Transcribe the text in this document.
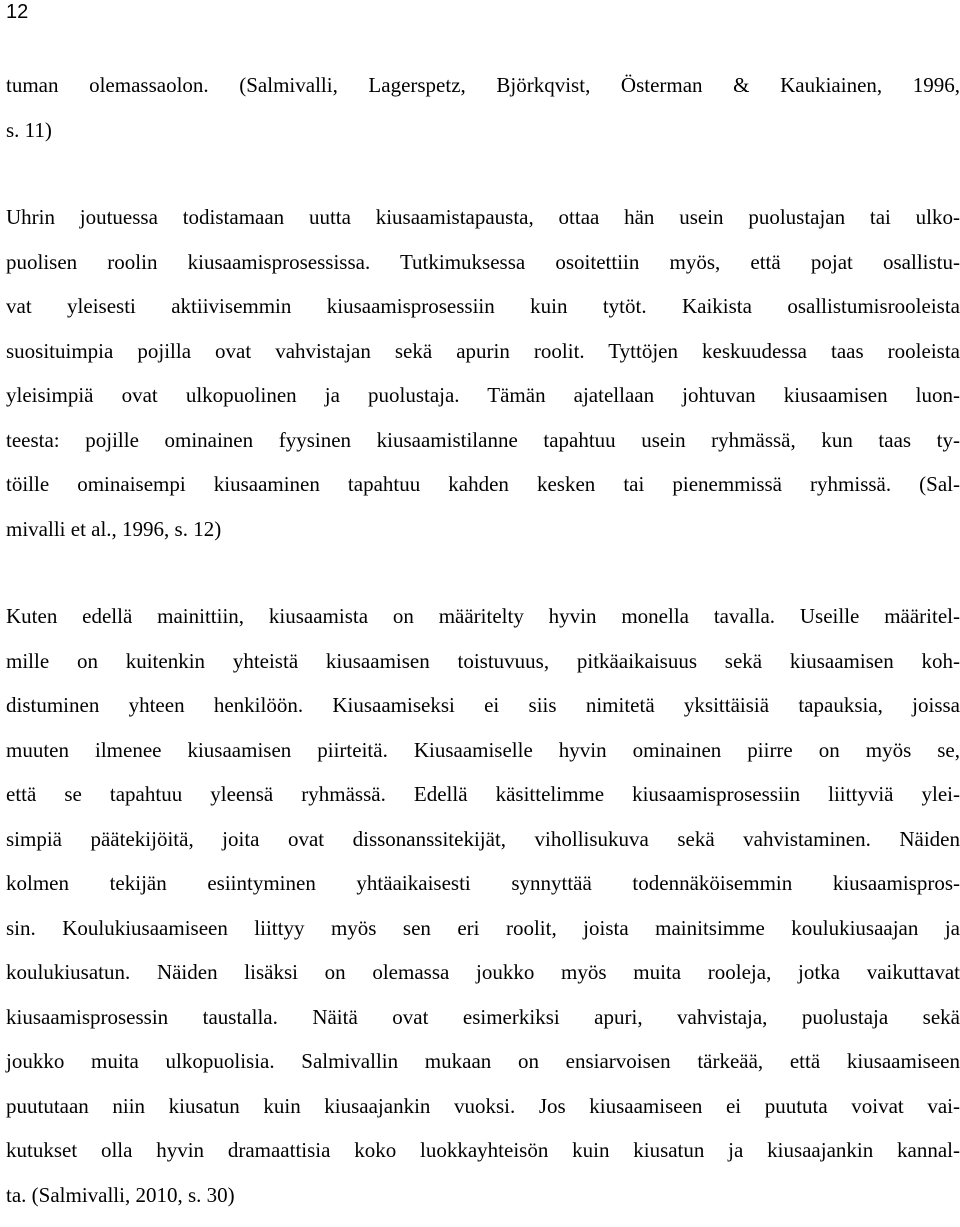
12
tuman olemassaolon. (Salmivalli, Lagerspetz, Björkqvist, Österman & Kaukiainen, 1996,
s. 11)
Uhrin joutuessa todistamaan uutta kiusaamistapausta, ottaa hän usein puolustajan tai ulko-
puolisen roolin kiusaamisprosessissa. Tutkimuksessa osoitettiin myös, että pojat osallistu-
vat yleisesti aktiivisemmin kiusaamisprosessiin kuin tytöt. Kaikista osallistumisrooleista
suosituimpia pojilla ovat vahvistajan sekä apurin roolit. Tyttöjen keskuudessa taas rooleista
yleisimpiä ovat ulkopuolinen ja puolustaja. Tämän ajatellaan johtuvan kiusaamisen luon-
teesta: pojille ominainen fyysinen kiusaamistilanne tapahtuu usein ryhmässä, kun taas ty-
töille ominaisempi kiusaaminen tapahtuu kahden kesken tai pienemmissä ryhmissä. (Sal-
mivalli et al., 1996, s. 12)
Kuten edellä mainittiin, kiusaamista on määritelty hyvin monella tavalla. Useille määritel-
mille on kuitenkin yhteistä kiusaamisen toistuvuus, pitkäaikaisuus sekä kiusaamisen koh-
distuminen yhteen henkilöön. Kiusaamiseksi ei siis nimitetä yksittäisiä tapauksia, joissa
muuten ilmenee kiusaamisen piirteitä. Kiusaamiselle hyvin ominainen piirre on myös se,
että se tapahtuu yleensä ryhmässä. Edellä käsittelimme kiusaamisprosessiin liittyviä ylei-
simpiä päätekijöitä, joita ovat dissonanssitekijät, vihollisukuva sekä vahvistaminen. Näiden
kolmen tekijän esiintyminen yhtäaikaisesti synnyttää todennäköisemmin kiusaamispros-
sin. Koulukiusaamiseen liittyy myös sen eri roolit, joista mainitsimme koulukiusaajan ja
koulukiusatun. Näiden lisäksi on olemassa joukko myös muita rooleja, jotka vaikuttavat
kiusaamisprosessin taustalla. Näitä ovat esimerkiksi apuri, vahvistaja, puolustaja sekä
joukko muita ulkopuolisia. Salmivallin mukaan on ensiarvoisen tärkeää, että kiusaamiseen
puututaan niin kiusatun kuin kiusaajankin vuoksi. Jos kiusaamiseen ei puututa voivat vai-
kutukset olla hyvin dramaattisia koko luokkayhteisön kuin kiusatun ja kiusaajankin kannal-
ta. (Salmivalli, 2010, s. 30)
